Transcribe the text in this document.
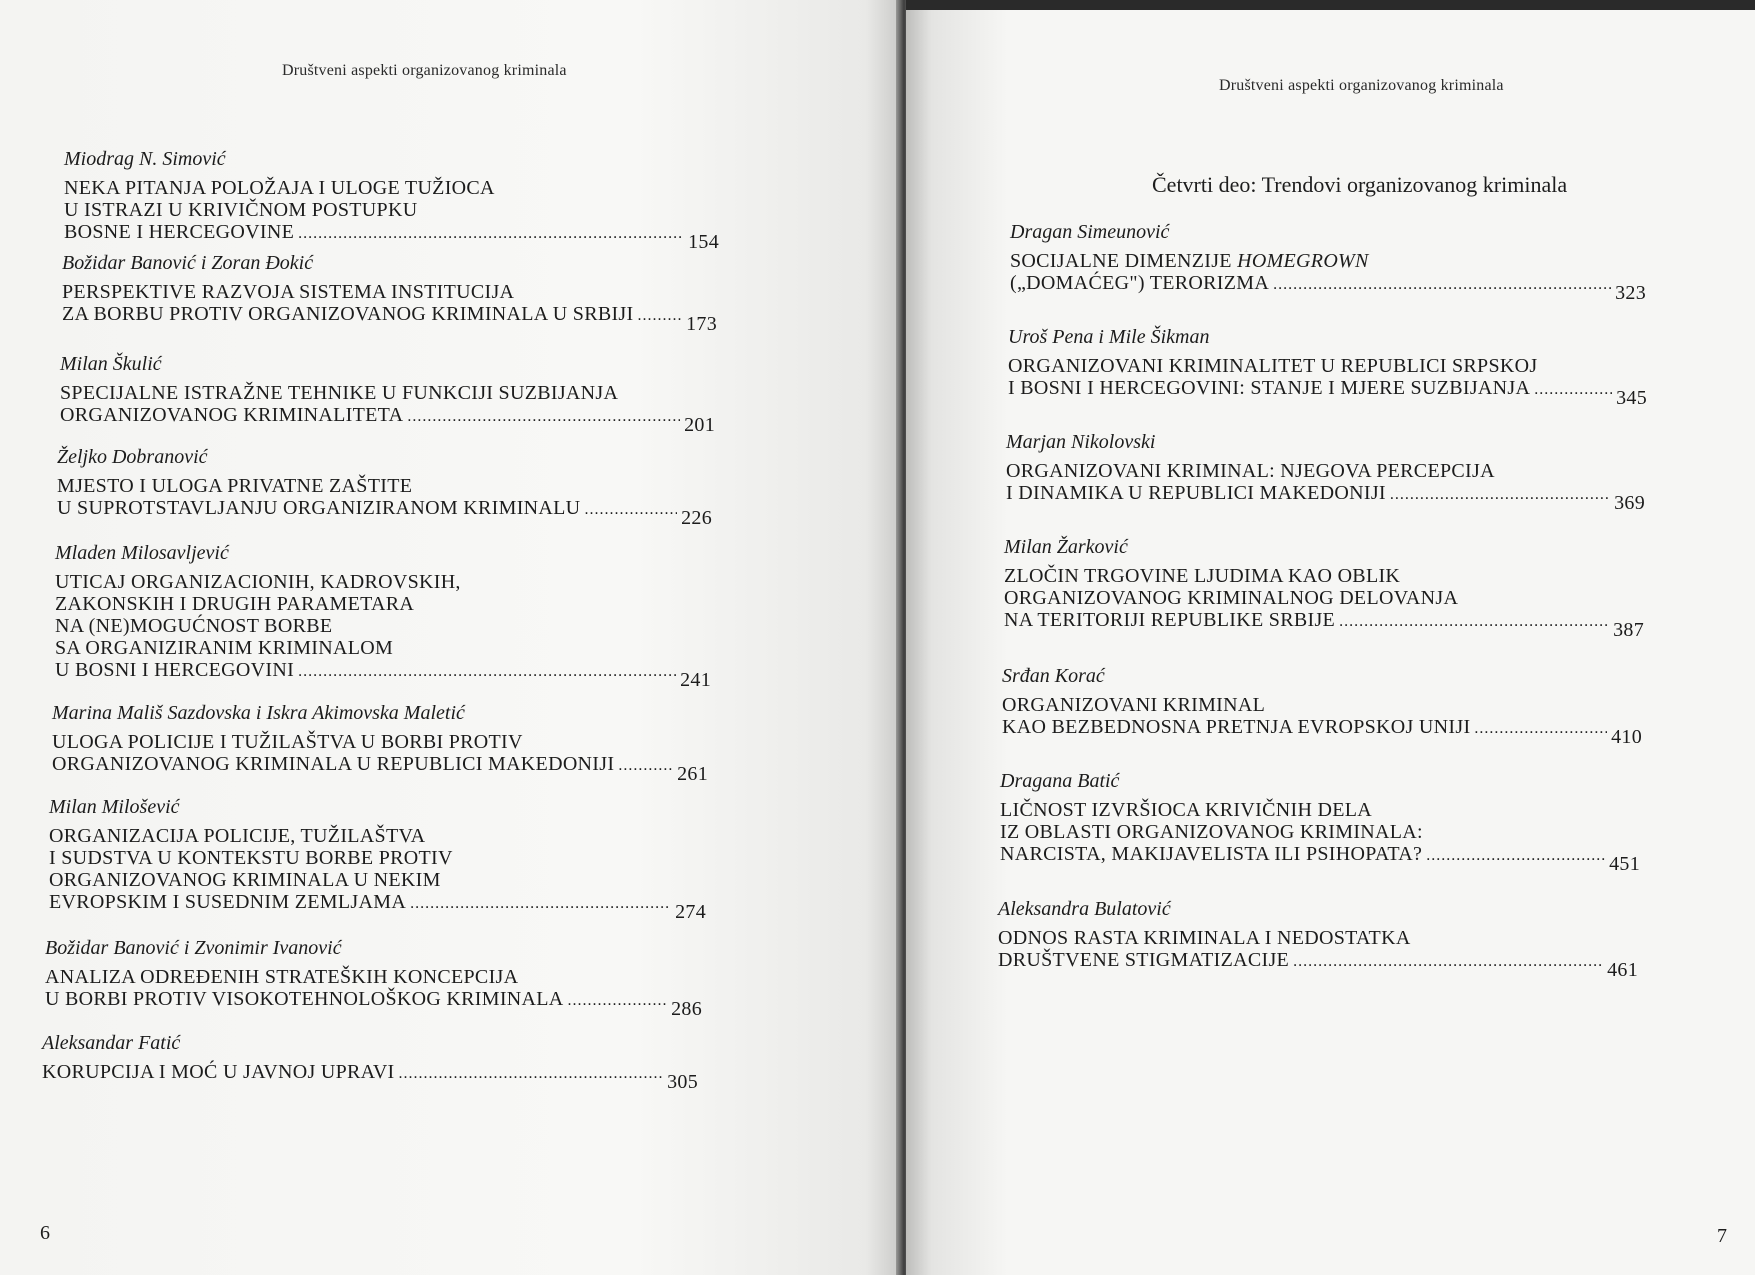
Društveni aspekti organizovanog kriminala
6
Miodrag N. Simović
NEKA PITANJA POLOŽAJA I ULOGE TUŽIOCA
U ISTRAZI U KRIVIČNOM POSTUPKU
BOSNE I HERCEGOVINE .....	154
Božidar Banović i Zoran Đokić
PERSPEKTIVE RAZVOJA SISTEMA INSTITUCIJA
ZA BORBU PROTIV ORGANIZOVANOG KRIMINALA U SRBIJI .....	173
Milan Škulić
SPECIJALNE ISTRAŽNE TEHNIKE U FUNKCIJI SUZBIJANJA
ORGANIZOVANOG KRIMINALITETA .....	201
Željko Dobranović
MJESTO I ULOGA PRIVATNE ZAŠTITE
U SUPROTSTAVLJANJU ORGANIZIRANOM KRIMINALU .....	226
Mladen Milosavljević
UTICAJ ORGANIZACIONIH, KADROVSKIH,
ZAKONSKIH I DRUGIH PARAMETARA
NA (NE)MOGUĆNOST BORBE
SA ORGANIZIRANIM KRIMINALOM
U BOSNI I HERCEGOVINI .....	241
Marina Mališ Sazdovska i Iskra Akimovska Maletić
ULOGA POLICIJE I TUŽILAŠTVA U BORBI PROTIV
ORGANIZOVANOG KRIMINALA U REPUBLICI MAKEDONIJI .....	261
Milan Milošević
ORGANIZACIJA POLICIJE, TUŽILAŠTVA
I SUDSTVA U KONTEKSTU BORBE PROTIV
ORGANIZOVANOG KRIMINALA U NEKIM
EVROPSKIM I SUSEDNIM ZEMLJAMA .....	274
Božidar Banović i Zvonimir Ivanović
ANALIZA ODREĐENIH STRATEŠKIH KONCEPCIJA
U BORBI PROTIV VISOKOTEHNOLOŠKOG KRIMINALA .....	286
Aleksandar Fatić
KORUPCIJA I MOĆ U JAVNOJ UPRAVI .....	305
Društveni aspekti organizovanog kriminala
Četvrti deo: Trendovi organizovanog kriminala
7
Dragan Simeunović
SOCIJALNE DIMENZIJE HOMEGROWN
(„DOMAĆEG") TERORIZMA .....	323
Uroš Pena i Mile Šikman
ORGANIZOVANI KRIMINALITET U REPUBLICI SRPSKOJ
I BOSNI I HERCEGOVINI: STANJE I MJERE SUZBIJANJA .....	345
Marjan Nikolovski
ORGANIZOVANI KRIMINAL: NJEGOVA PERCEPCIJA
I DINAMIKA U REPUBLICI MAKEDONIJI .....	369
Milan Žarković
ZLOČIN TRGOVINE LJUDIMA KAO OBLIK
ORGANIZOVANOG KRIMINALNOG DELOVANJA
NA TERITORIJI REPUBLIKE SRBIJE .....	387
Srđan Korać
ORGANIZOVANI KRIMINAL
KAO BEZBEDNOSNA PRETNJA EVROPSKOJ UNIJI .....	410
Dragana Batić
LIČNOST IZVRŠIOCA KRIVIČNIH DELA
IZ OBLASTI ORGANIZOVANOG KRIMINALA:
NARCISTA, MAKIJAVELISTA ILI PSIHOPATA? .....	451
Aleksandra Bulatović
ODNOS RASTA KRIMINALA I NEDOSTATKA
DRUŠTVENE STIGMATIZACIJE .....	461
